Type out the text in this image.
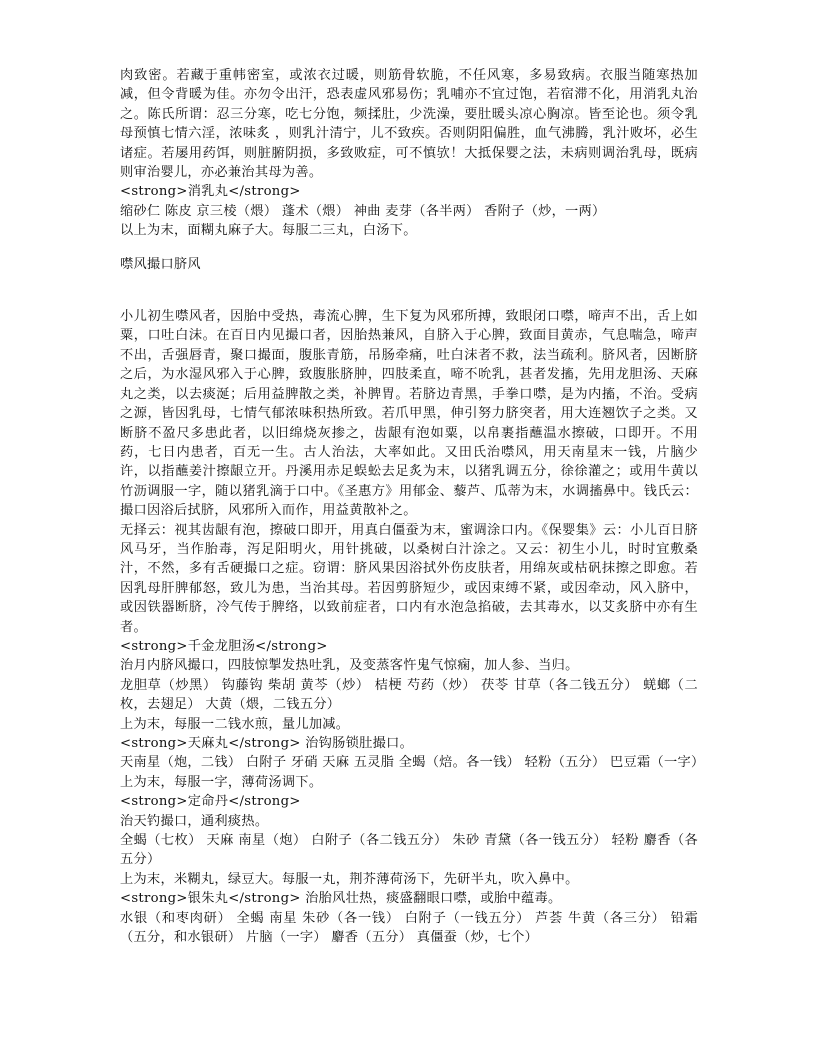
肉致密。若藏于重帏密室，或浓衣过暖，则筋骨软脆，不任风寒，多易致病。衣服当随寒热加减，但令背暖为佳。亦勿令出汗，恐表虚风邪易伤；乳哺亦不宜过饱，若宿滞不化，用消乳丸治之。陈氏所谓：忍三分寒，吃七分饱，频揉肚，少洗澡，要肚暖头凉心胸凉。皆至论也。须令乳母预慎七情六淫，浓味炙 ，则乳汁清宁，儿不致疾。否则阴阳偏胜，血气沸腾，乳汁败坏，必生诸症。若屡用药饵，则脏腑阴损，多致败症，可不慎欤！大抵保婴之法，未病则调治乳母，既病则审治婴儿，亦必兼治其母为善。

<strong>消乳丸</strong>

缩砂仁 陈皮 京三棱（煨） 蓬术（煨） 神曲 麦芽（各半两） 香附子（炒，一两）

以上为末，面糊丸麻子大。每服二三丸，白汤下。

噤风撮口脐风

小儿初生噤风者，因胎中受热，毒流心脾，生下复为风邪所搏，致眼闭口噤，啼声不出，舌上如粟，口吐白沫。在百日内见撮口者，因胎热兼风，自脐入于心脾，致面目黄赤，气息喘急，啼声不出，舌强唇青，聚口撮面，腹胀青筋，吊肠牵痛，吐白沫者不救，法当疏利。脐风者，因断脐之后，为水湿风邪入于心脾，致腹胀脐肿，四肢柔直，啼不吮乳，甚者发搐，先用龙胆汤、天麻丸之类，以去痰涎；后用益脾散之类，补脾胃。若脐边青黑，手拳口噤，是为内搐，不治。受病之源，皆因乳母，七情气郁浓味积热所致。若爪甲黑，伸引努力脐突者，用大连翘饮子之类。又断脐不盈尺多患此者，以旧绵烧灰掺之，齿龈有泡如粟，以帛裹指蘸温水擦破，口即开。不用药，七日内患者，百无一生。古人治法，大率如此。又田氏治噤风，用天南星末一钱，片脑少许，以指蘸姜汁擦龈立开。丹溪用赤足蜈蚣去足炙为末，以猪乳调五分，徐徐灌之；或用牛黄以竹沥调服一字，随以猪乳滴于口中。《圣惠方》用郁金、藜芦、瓜蒂为末，水调搐鼻中。钱氏云：撮口因浴后拭脐，风邪所入而作，用益黄散补之。

无择云：视其齿龈有泡，擦破口即开，用真白僵蚕为末，蜜调涂口内。《保婴集》云：小儿百日脐风马牙，当作胎毒，泻足阳明火，用针挑破，以桑树白汁涂之。又云：初生小儿，时时宜敷桑汁，不然，多有舌硬撮口之症。窃谓：脐风果因浴拭外伤皮肤者，用绵灰或枯矾抹擦之即愈。若因乳母肝脾郁怒，致儿为患，当治其母。若因剪脐短少，或因束缚不紧，或因牵动，风入脐中，或因铁器断脐，冷气传于脾络，以致前症者，口内有水泡急掐破，去其毒水，以艾炙脐中亦有生者。

<strong>千金龙胆汤</strong>

治月内脐风撮口，四肢惊掣发热吐乳，及变蒸客忤鬼气惊痫，加人参、当归。

龙胆草（炒黑） 钩藤钩 柴胡 黄芩（炒） 桔梗 芍药（炒） 茯苓 甘草（各二钱五分） 蜣螂（二枚，去翅足） 大黄（煨，二钱五分）

上为末，每服一二钱水煎，量儿加减。

<strong>天麻丸</strong> 治钩肠锁肚撮口。

天南星（炮，二钱） 白附子 牙硝 天麻 五灵脂 全蝎（焙。各一钱） 轻粉（五分） 巴豆霜（一字）

上为末，每服一字，薄荷汤调下。

<strong>定命丹</strong>

治天钓撮口，通利痰热。

全蝎（七枚） 天麻 南星（炮） 白附子（各二钱五分） 朱砂 青黛（各一钱五分） 轻粉 麝香（各五分）

上为末，米糊丸，绿豆大。每服一丸，荆芥薄荷汤下，先研半丸，吹入鼻中。

<strong>银朱丸</strong> 治胎风壮热，痰盛翻眼口噤，或胎中蕴毒。

水银（和枣肉研） 全蝎 南星 朱砂（各一钱） 白附子（一钱五分） 芦荟 牛黄（各三分） 铅霜（五分，和水银研） 片脑（一字） 麝香（五分） 真僵蚕（炒，七个）
